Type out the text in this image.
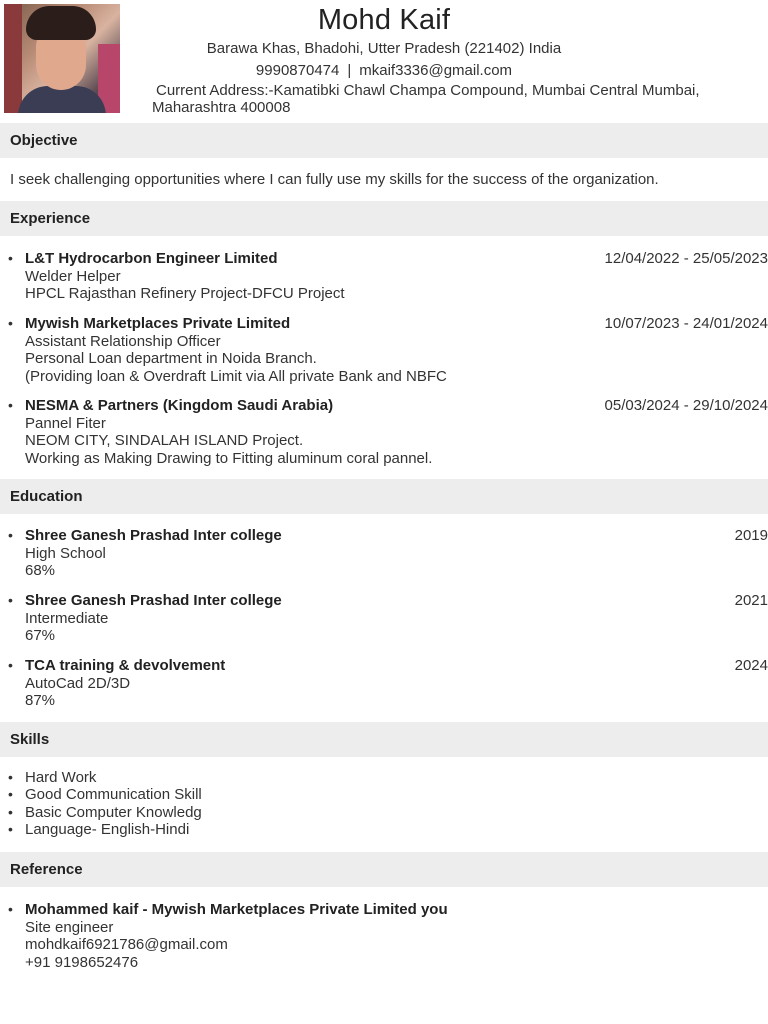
Mohd Kaif
Barawa Khas, Bhadohi, Utter Pradesh (221402) India
9990870474 | mkaif3336@gmail.com
Current Address:-Kamatibki Chawl Champa Compound, Mumbai Central Mumbai, Maharashtra 400008
Objective
I seek challenging opportunities where I can fully use my skills for the success of the organization.
Experience
• L&T Hydrocarbon Engineer Limited
Welder Helper
HPCL Rajasthan Refinery Project-DFCU Project
12/04/2022 - 25/05/2023
• Mywish Marketplaces Private Limited
Assistant Relationship Officer
Personal Loan department in Noida Branch.
(Providing loan & Overdraft Limit via All private Bank and NBFC
10/07/2023 - 24/01/2024
• NESMA & Partners (Kingdom Saudi Arabia)
Pannel Fiter
NEOM CITY, SINDALAH ISLAND Project.
Working as Making Drawing to Fitting aluminum coral pannel.
05/03/2024 - 29/10/2024
Education
• Shree Ganesh Prashad Inter college
High School
68%
2019
• Shree Ganesh Prashad Inter college
Intermediate
67%
2021
• TCA training & devolvement
AutoCad 2D/3D
87%
2024
Skills
• Hard Work
• Good Communication Skill
• Basic Computer Knowledg
• Language- English-Hindi
Reference
• Mohammed kaif - Mywish Marketplaces Private Limited you
Site engineer
mohdkaif6921786@gmail.com
+91 9198652476
